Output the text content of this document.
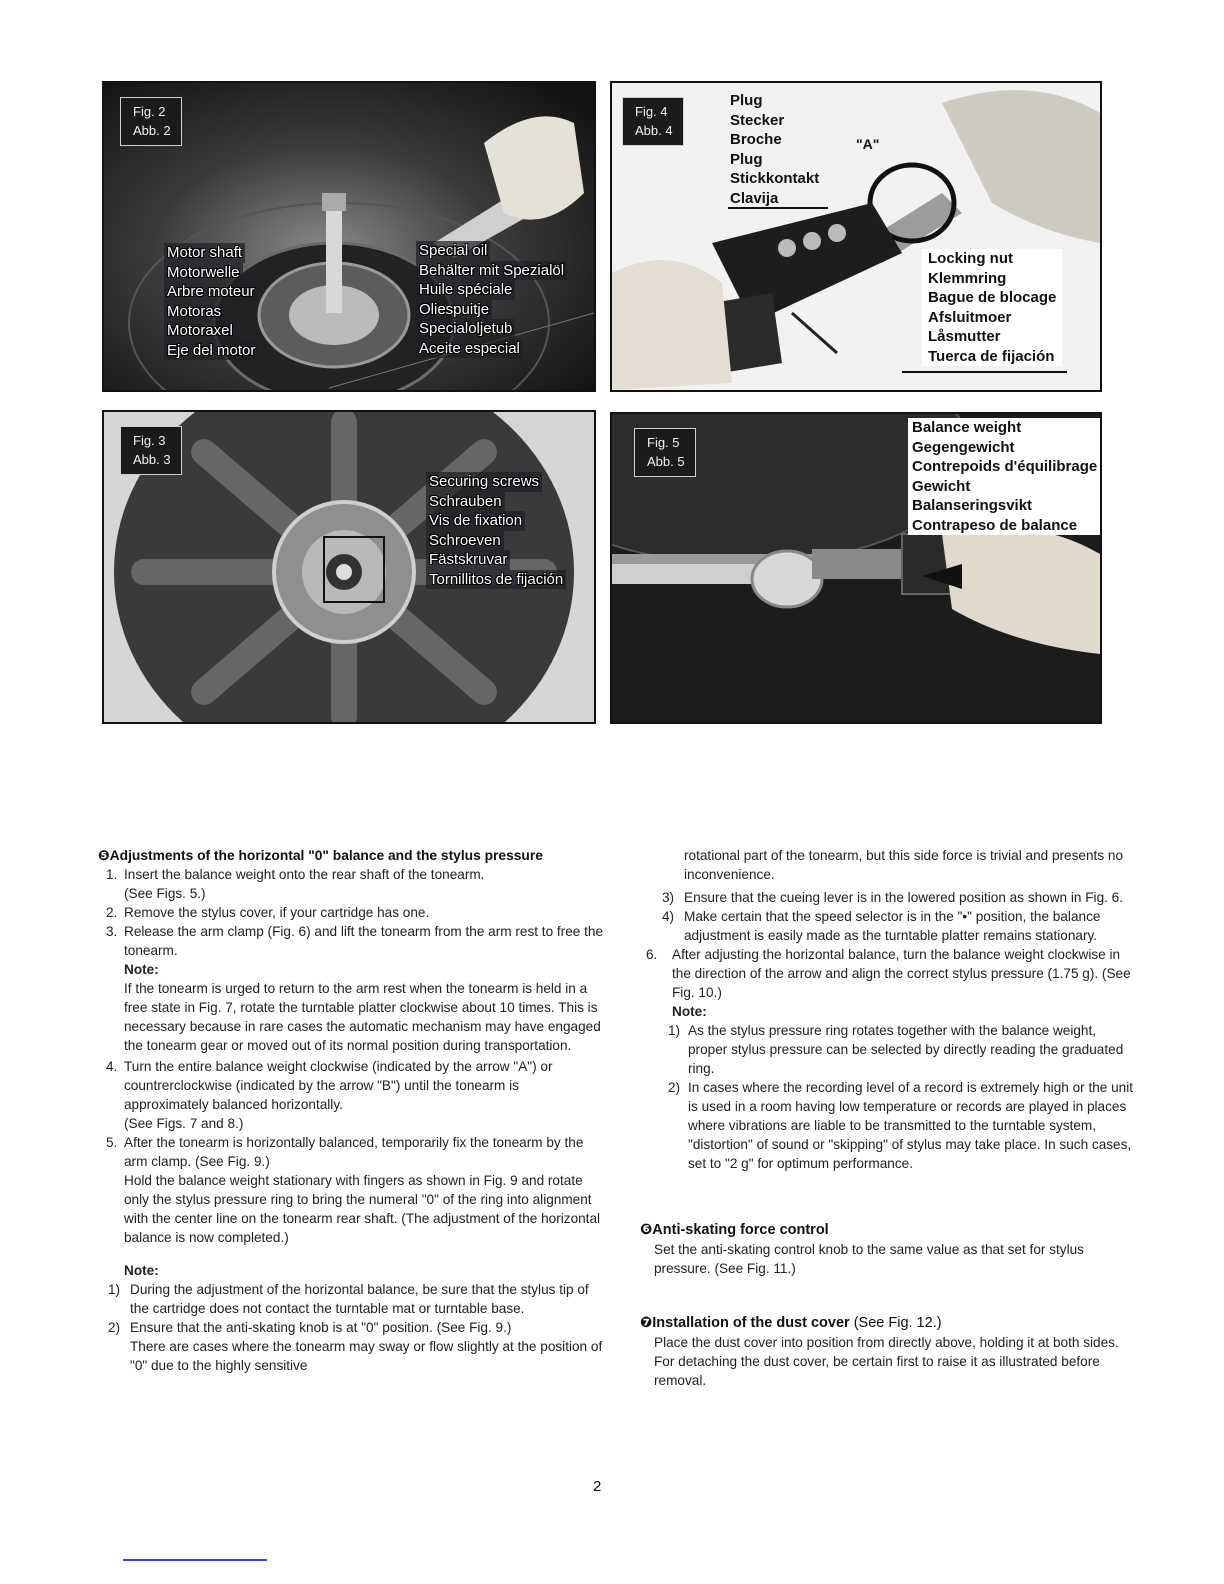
Fig. 2
Abb. 2
Motor shaft
Motorwelle
Arbre moteur
Motoras
Motoraxel
Eje del motor
Special oil
Behälter mit Spezialöl
Huile spéciale
Oliespuitje
Specialoljetub
Aceite especial
Fig. 4
Abb. 4
Plug
Stecker
Broche
Plug
Stickkontakt
Clavija
"A"
Locking nut
Klemmring
Bague de blocage
Afsluitmoer
Låsmutter
Tuerca de fijación
Fig. 3
Abb. 3
Securing screws
Schrauben
Vis de fixation
Schroeven
Fästskruvar
Tornillitos de fijación
Fig. 5
Abb. 5
Balance weight
Gegengewicht
Contrepoids d'équilibrage
Gewicht
Balanseringsvikt
Contrapeso de balance

❺Adjustments of the horizontal "0" balance and the stylus pressure

1. Insert the balance weight onto the rear shaft of the tonearm.

(See Figs. 5.)

2. Remove the stylus cover, if your cartridge has one.

3. Release the arm clamp (Fig. 6) and lift the tonearm from the arm rest to free the tonearm.

Note:

If the tonearm is urged to return to the arm rest when the tonearm is held in a free state in Fig. 7, rotate the turntable platter clockwise about 10 times. This is necessary because in rare cases the automatic mechanism may have engaged the tonearm gear or moved out of its normal position during transportation.

4. Turn the entire balance weight clockwise (indicated by the arrow "A") or countrerclockwise (indicated by the arrow "B") until the tonearm is approximately balanced horizontally.

(See Figs. 7 and 8.)

5. After the tonearm is horizontally balanced, temporarily fix the tonearm by the arm clamp. (See Fig. 9.)

Hold the balance weight stationary with fingers as shown in Fig. 9 and rotate only the stylus pressure ring to bring the numeral "0" of the ring into alignment with the center line on the tonearm rear shaft. (The adjustment of the horizontal balance is now completed.)

Note:

1) During the adjustment of the horizontal balance, be sure that the stylus tip of the cartridge does not contact the turntable mat or turntable base.

2) Ensure that the anti-skating knob is at "0" position. (See Fig. 9.)

There are cases where the tonearm may sway or flow slightly at the position of "0" due to the highly sensitive

rotational part of the tonearm, but this side force is trivial and presents no inconvenience.

3) Ensure that the cueing lever is in the lowered position as shown in Fig. 6.

4) Make certain that the speed selector is in the "•" position, the balance adjustment is easily made as the turntable platter remains stationary.

6. After adjusting the horizontal balance, turn the balance weight clockwise in the direction of the arrow and align the correct stylus pressure (1.75 g). (See Fig. 10.)

Note:

1) As the stylus pressure ring rotates together with the balance weight, proper stylus pressure can be selected by directly reading the graduated ring.

2) In cases where the recording level of a record is extremely high or the unit is used in a room having low temperature or records are played in places where vibrations are liable to be transmitted to the turntable system, "distortion" of sound or "skipping" of stylus may take place. In such cases, set to "2 g" for optimum performance.

❻Anti-skating force control

Set the anti-skating control knob to the same value as that set for stylus pressure. (See Fig. 11.)

❼Installation of the dust cover (See Fig. 12.)

Place the dust cover into position from directly above, holding it at both sides. For detaching the dust cover, be certain first to raise it as illustrated before removal.

2
